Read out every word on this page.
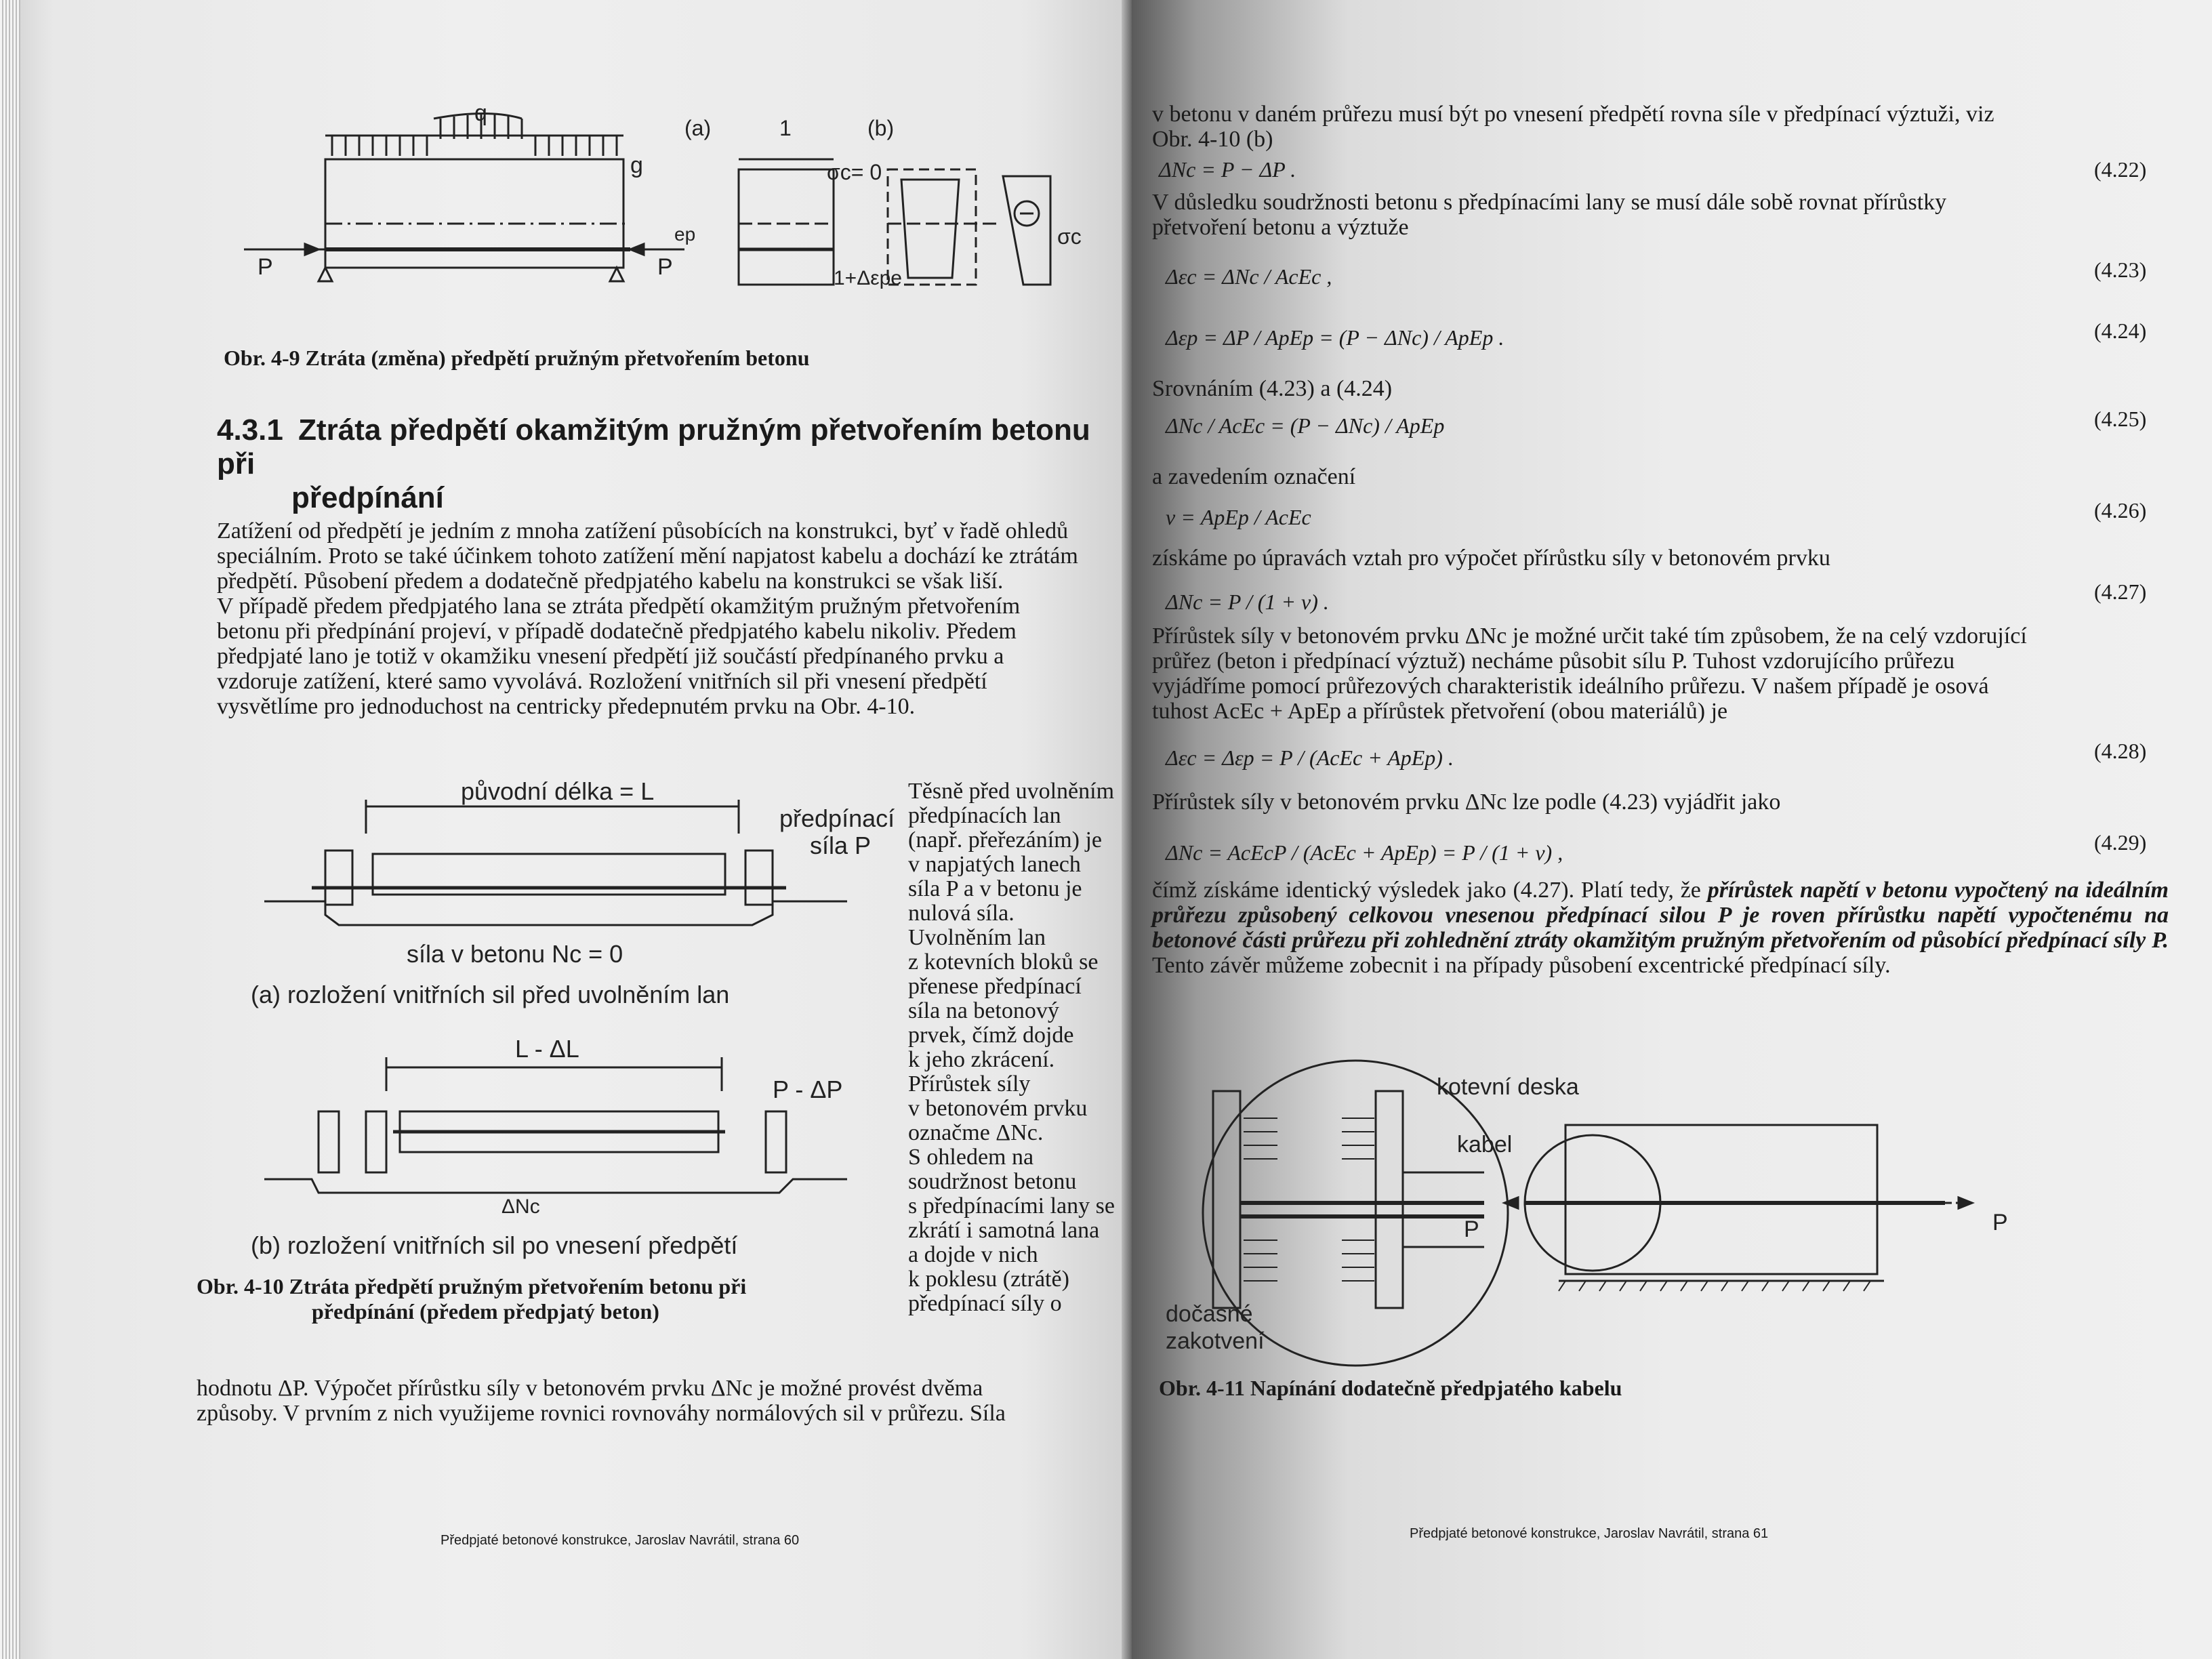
q
g
P	P
ep
(a)	1	(b)
σc= 0
1+Δεpe
σc
Obr. 4-9 Ztráta (změna) předpětí pružným přetvořením betonu
4.3.1 Ztráta předpětí okamžitým pružným přetvořením betonu při
předpínání
Zatížení od předpětí je jedním z mnoha zatížení působících na konstrukci, byť v řadě ohledů
speciálním. Proto se také účinkem tohoto zatížení mění napjatost kabelu a dochází ke ztrátám
předpětí. Působení předem a dodatečně předpjatého kabelu na konstrukci se však liší.
V případě předem předpjatého lana se ztráta předpětí okamžitým pružným přetvořením
betonu při předpínání projeví, v případě dodatečně předpjatého kabelu nikoliv. Předem
předpjaté lano je totiž v okamžiku vnesení předpětí již součástí předpínaného prvku a
vzdoruje zatížení, které samo vyvolává. Rozložení vnitřních sil při vnesení předpětí
vysvětlíme pro jednoduchost na centricky předepnutém prvku na Obr. 4-10.
původní délka = L
předpínací
síla P
síla v betonu Nc = 0
(a) rozložení vnitřních sil před uvolněním lan
L - ΔL
P - ΔP
ΔNc
(b) rozložení vnitřních sil po vnesení předpětí
Obr. 4-10 Ztráta předpětí pružným přetvořením betonu při
předpínání (předem předpjatý beton)
Těsně před uvolněním
předpínacích lan
(např. přeřezáním) je
v napjatých lanech
síla P a v betonu je
nulová síla.
Uvolněním lan
z kotevních bloků se
přenese předpínací
síla na betonový
prvek, čímž dojde
k jeho zkrácení.
Přírůstek síly
v betonovém prvku
označme ΔNc.
S ohledem na
soudržnost betonu
s předpínacími lany se
zkrátí i samotná lana
a dojde v nich
k poklesu (ztrátě)
předpínací síly o
hodnotu ΔP. Výpočet přírůstku síly v betonovém prvku ΔNc je možné provést dvěma
způsoby. V prvním z nich využijeme rovnici rovnováhy normálových sil v průřezu. Síla
Předpjaté betonové konstrukce, Jaroslav Navrátil, strana 60
v betonu v daném průřezu musí být po vnesení předpětí rovna síle v předpínací výztuži, viz
Obr. 4-10 (b)
ΔNc = P − ΔP .	(4.22)
V důsledku soudržnosti betonu s předpínacími lany se musí dále sobě rovnat přírůstky
přetvoření betonu a výztuže
Δεc = ΔNc / AcEc ,	(4.23)
Δεp = ΔP / ApEp = (P − ΔNc) / ApEp .	(4.24)
Srovnáním (4.23) a (4.24)
ΔNc / AcEc = (P − ΔNc) / ApEp	(4.25)
a zavedením označení
ν = ApEp / AcEc	(4.26)
získáme po úpravách vztah pro výpočet přírůstku síly v betonovém prvku
ΔNc = P / (1 + ν) .	(4.27)
Přírůstek síly v betonovém prvku ΔNc je možné určit také tím způsobem, že na celý vzdorující
průřez (beton i předpínací výztuž) necháme působit sílu P. Tuhost vzdorujícího průřezu
vyjádříme pomocí průřezových charakteristik ideálního průřezu. V našem případě je osová
tuhost AcEc + ApEp a přírůstek přetvoření (obou materiálů) je
Δεc = Δεp = P / (AcEc + ApEp) .	(4.28)
Přírůstek síly v betonovém prvku ΔNc lze podle (4.23) vyjádřit jako
ΔNc = AcEcP / (AcEc + ApEp) = P / (1 + ν) ,	(4.29)
čímž získáme identický výsledek jako (4.27). Platí tedy, že přírůstek napětí v betonu vypočtený na ideálním průřezu způsobený celkovou vnesenou předpínací silou P je roven přírůstku napětí vypočtenému na betonové části průřezu při zohlednění ztráty okamžitým pružným přetvořením od působící předpínací síly P. Tento závěr můžeme zobecnit i na případy působení excentrické předpínací síly.
kotevní deska
kabel
P	P
dočasné
zakotvení
Obr. 4-11 Napínání dodatečně předpjatého kabelu
Předpjaté betonové konstrukce, Jaroslav Navrátil, strana 61
